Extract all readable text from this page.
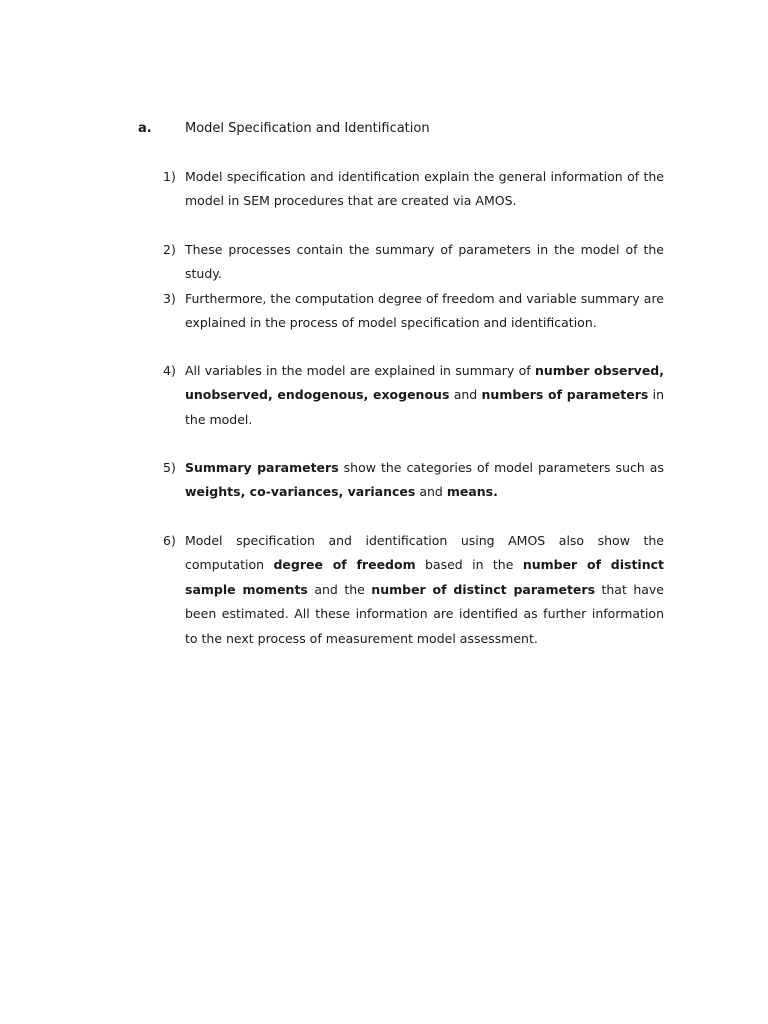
a.	Model Specification and Identification
1) Model specification and identification explain the general information of the model in SEM procedures that are created via AMOS.
2) These processes contain the summary of parameters in the model of the study.
3) Furthermore, the computation degree of freedom and variable summary are explained in the process of model specification and identification.
4) All variables in the model are explained in summary of number observed, unobserved, endogenous, exogenous and numbers of parameters in the model.
5) Summary parameters show the categories of model parameters such as weights, co-variances, variances and means.
6) Model specification and identification using AMOS also show the computation degree of freedom based in the number of distinct sample moments and the number of distinct parameters that have been estimated. All these information are identified as further information to the next process of measurement model assessment.
